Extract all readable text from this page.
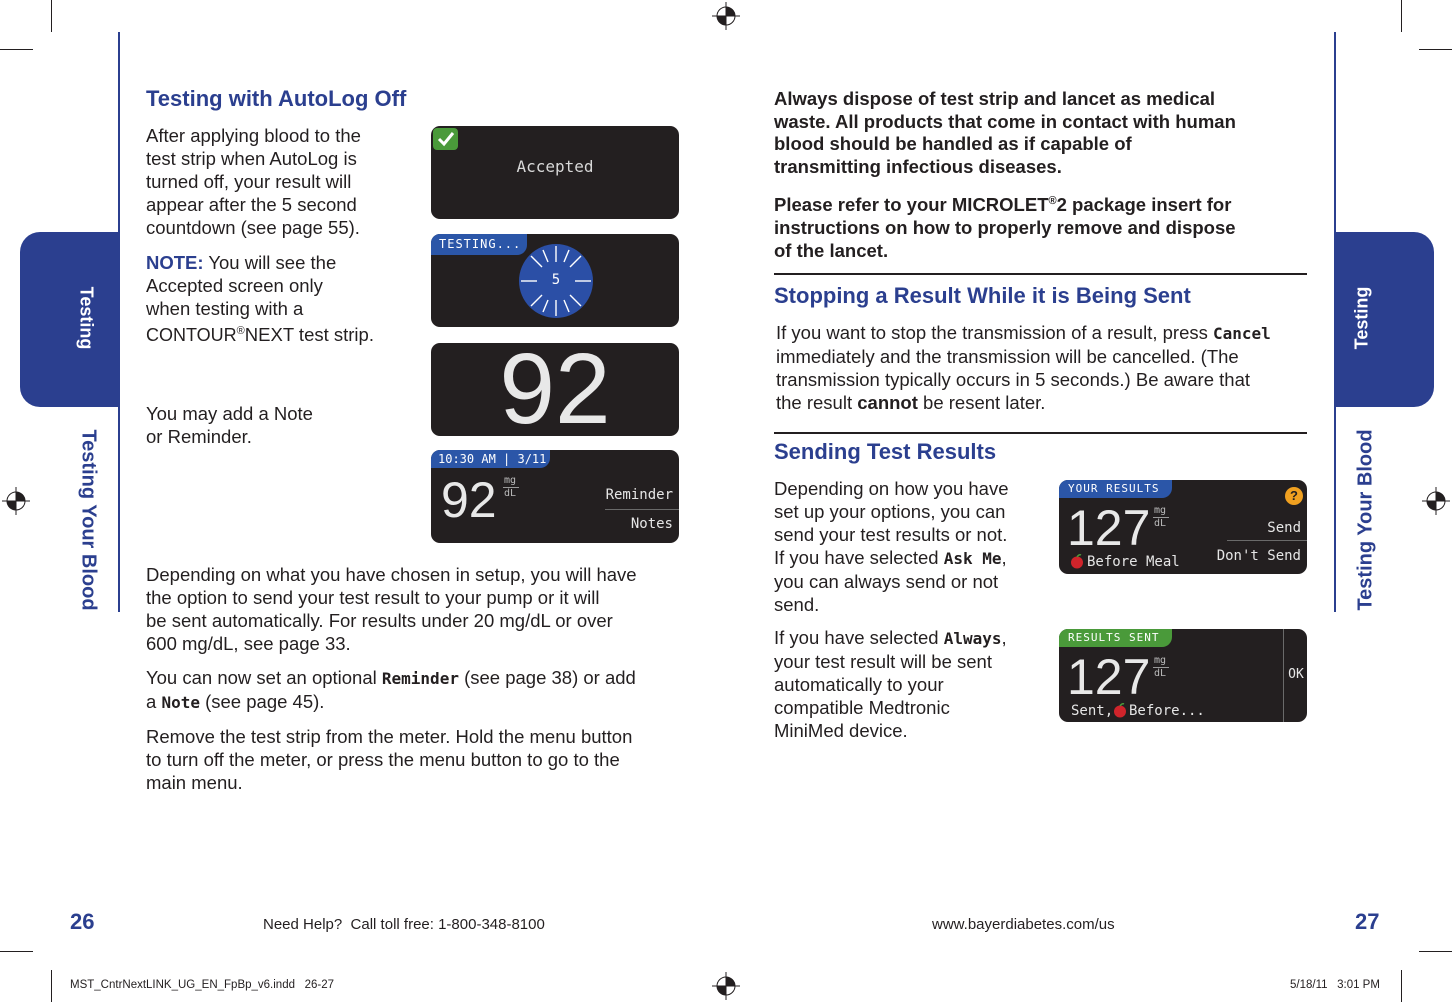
Testing
Testing Your Blood
Testing
Testing Your Blood
Testing with AutoLog Off
After applying blood to the
test strip when AutoLog is
turned off, your result will
appear after the 5 second
countdown (see page 55).
NOTE: You will see the
Accepted screen only
when testing with a
CONTOUR®NEXT test strip.
You may add a Note
or Reminder.
Depending on what you have chosen in setup, you will have
the option to send your test result to your pump or it will
be sent automatically. For results under 20 mg/dL or over
600 mg/dL, see page 33.
You can now set an optional Reminder (see page 38) or add
a Note (see page 45).
Remove the test strip from the meter. Hold the menu button
to turn off the meter, or press the menu button to go to the
main menu.
Accepted
TESTING...
5
92
10:30 AM | 3/11
92 mg
dL	Reminder
Notes
Always dispose of test strip and lancet as medical
waste. All products that come in contact with human
blood should be handled as if capable of
transmitting infectious diseases.
Please refer to your MICROLET®2 package insert for
instructions on how to properly remove and dispose
of the lancet.
Stopping a Result While it is Being Sent
If you want to stop the transmission of a result, press Cancel
immediately and the transmission will be cancelled. (The
transmission typically occurs in 5 seconds.) Be aware that
the result cannot be resent later.
Sending Test Results
Depending on how you have
set up your options, you can
send your test results or not.
If you have selected Ask Me,
you can always send or not
send.
If you have selected Always,
your test result will be sent
automatically to your
compatible Medtronic
MiniMed device.
YOUR RESULTS	?
127 mg
dL
Before Meal
Send
Don't Send
RESULTS SENT
127 mg
dL
Sent, Before...
OK
26	Need Help?  Call toll free: 1-800-348-8100	www.bayerdiabetes.com/us	27
MST_CntrNextLINK_UG_EN_FpBp_v6.indd   26-27	5/18/11   3:01 PM
